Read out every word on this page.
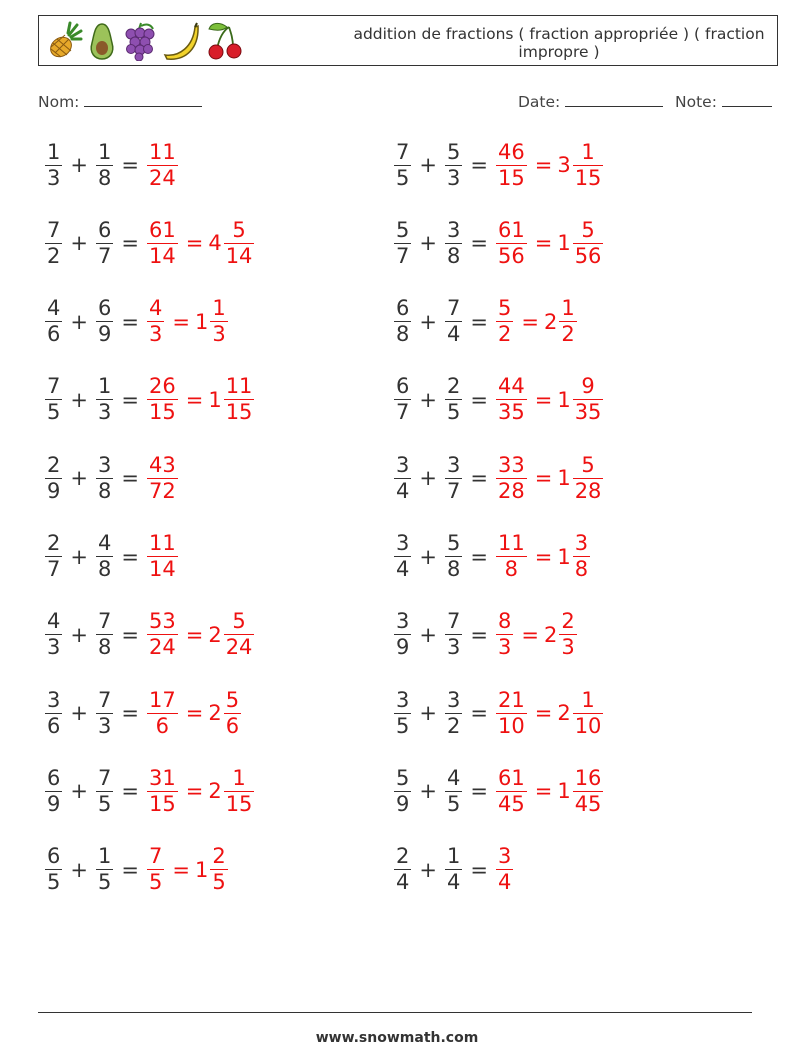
addition de fractions ( fraction appropriée ) ( fraction impropre )
Nom:	Date:	Note:
$\frac{1}{3} + \frac{1}{8} = \frac{11}{24}$	$\frac{7}{5} + \frac{5}{3} = \frac{46}{15} = 3 \frac{1}{15}$
$\frac{7}{2} + \frac{6}{7} = \frac{61}{14} = 4 \frac{5}{14}$	$\frac{5}{7} + \frac{3}{8} = \frac{61}{56} = 1 \frac{5}{56}$
$\frac{4}{6} + \frac{6}{9} = \frac{4}{3} = 1 \frac{1}{3}$	$\frac{6}{8} + \frac{7}{4} = \frac{5}{2} = 2 \frac{1}{2}$
$\frac{7}{5} + \frac{1}{3} = \frac{26}{15} = 1 \frac{11}{15}$	$\frac{6}{7} + \frac{2}{5} = \frac{44}{35} = 1 \frac{9}{35}$
$\frac{2}{9} + \frac{3}{8} = \frac{43}{72}$	$\frac{3}{4} + \frac{3}{7} = \frac{33}{28} = 1 \frac{5}{28}$
$\frac{2}{7} + \frac{4}{8} = \frac{11}{14}$	$\frac{3}{4} + \frac{5}{8} = \frac{11}{8} = 1 \frac{3}{8}$
$\frac{4}{3} + \frac{7}{8} = \frac{53}{24} = 2 \frac{5}{24}$	$\frac{3}{9} + \frac{7}{3} = \frac{8}{3} = 2 \frac{2}{3}$
$\frac{3}{6} + \frac{7}{3} = \frac{17}{6} = 2 \frac{5}{6}$	$\frac{3}{5} + \frac{3}{2} = \frac{21}{10} = 2 \frac{1}{10}$
$\frac{6}{9} + \frac{7}{5} = \frac{31}{15} = 2 \frac{1}{15}$	$\frac{5}{9} + \frac{4}{5} = \frac{61}{45} = 1 \frac{16}{45}$
$\frac{6}{5} + \frac{1}{5} = \frac{7}{5} = 1 \frac{2}{5}$	$\frac{2}{4} + \frac{1}{4} = \frac{3}{4}$
www.snowmath.com
